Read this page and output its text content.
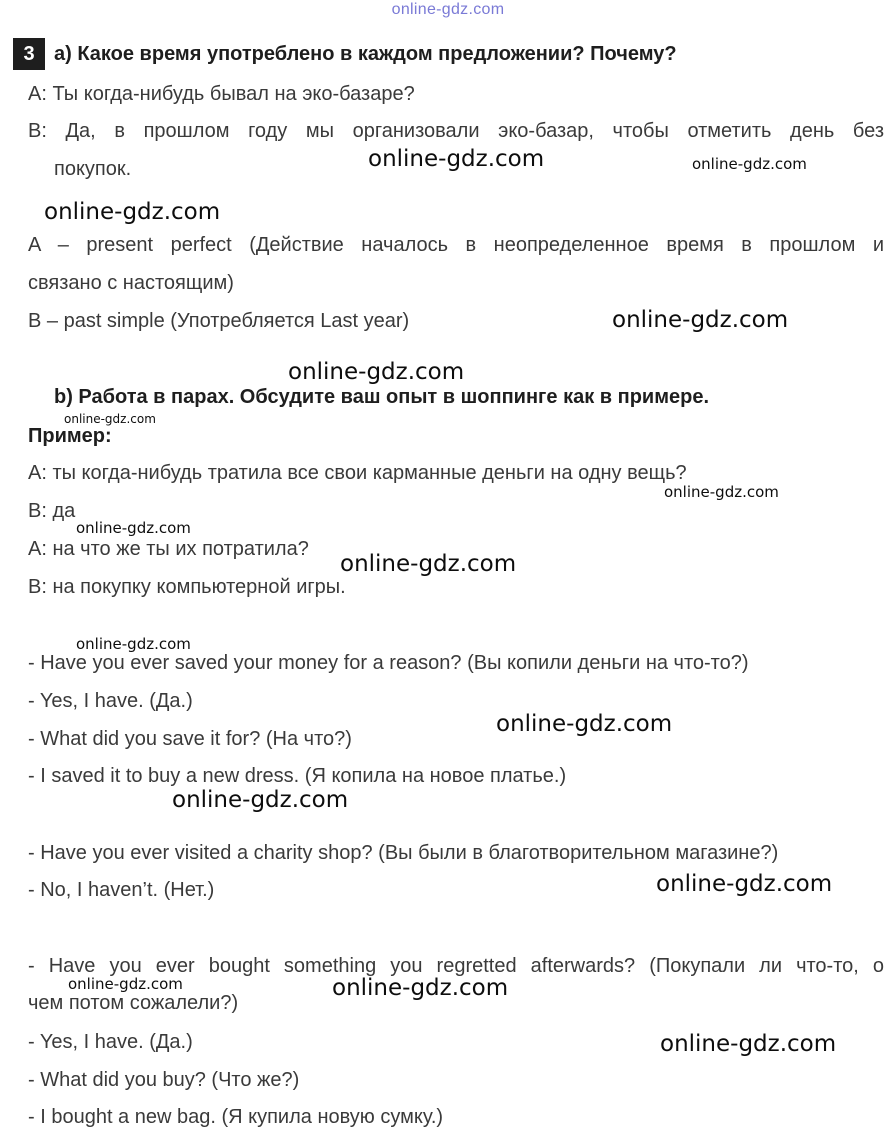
online-gdz.com
3 a) Какое время употреблено в каждом предложении? Почему?
A: Ты когда-нибудь бывал на эко-базаре?
B: Да, в прошлом году мы организовали эко-базар, чтобы отметить день без
покупок.
A – present perfect (Действие началось в неопределенное время в прошлом и
связано с настоящим)
B – past simple (Употребляется Last year)
b) Работа в парах. Обсудите ваш опыт в шоппинге как в примере.
Пример:
A: ты когда-нибудь тратила все свои карманные деньги на одну вещь?
B: да
A: на что же ты их потратила?
B: на покупку компьютерной игры.
- Have you ever saved your money for a reason? (Вы копили деньги на что-то?)
- Yes, I have. (Да.)
- What did you save it for? (На что?)
- I saved it to buy a new dress. (Я копила на новое платье.)
- Have you ever visited a charity shop? (Вы были в благотворительном магазине?)
- No, I haven’t. (Нет.)
- Have you ever bought something you regretted afterwards? (Покупали ли что-то, о
чем потом сожалели?)
- Yes, I have. (Да.)
- What did you buy? (Что же?)
- I bought a new bag. (Я купила новую сумку.)
online-gdz.com	online-gdz.com
online-gdz.com
online-gdz.com
online-gdz.com
online-gdz.com
online-gdz.com
online-gdz.com
online-gdz.com
online-gdz.com
online-gdz.com
online-gdz.com
online-gdz.com
online-gdz.com	online-gdz.com
online-gdz.com
